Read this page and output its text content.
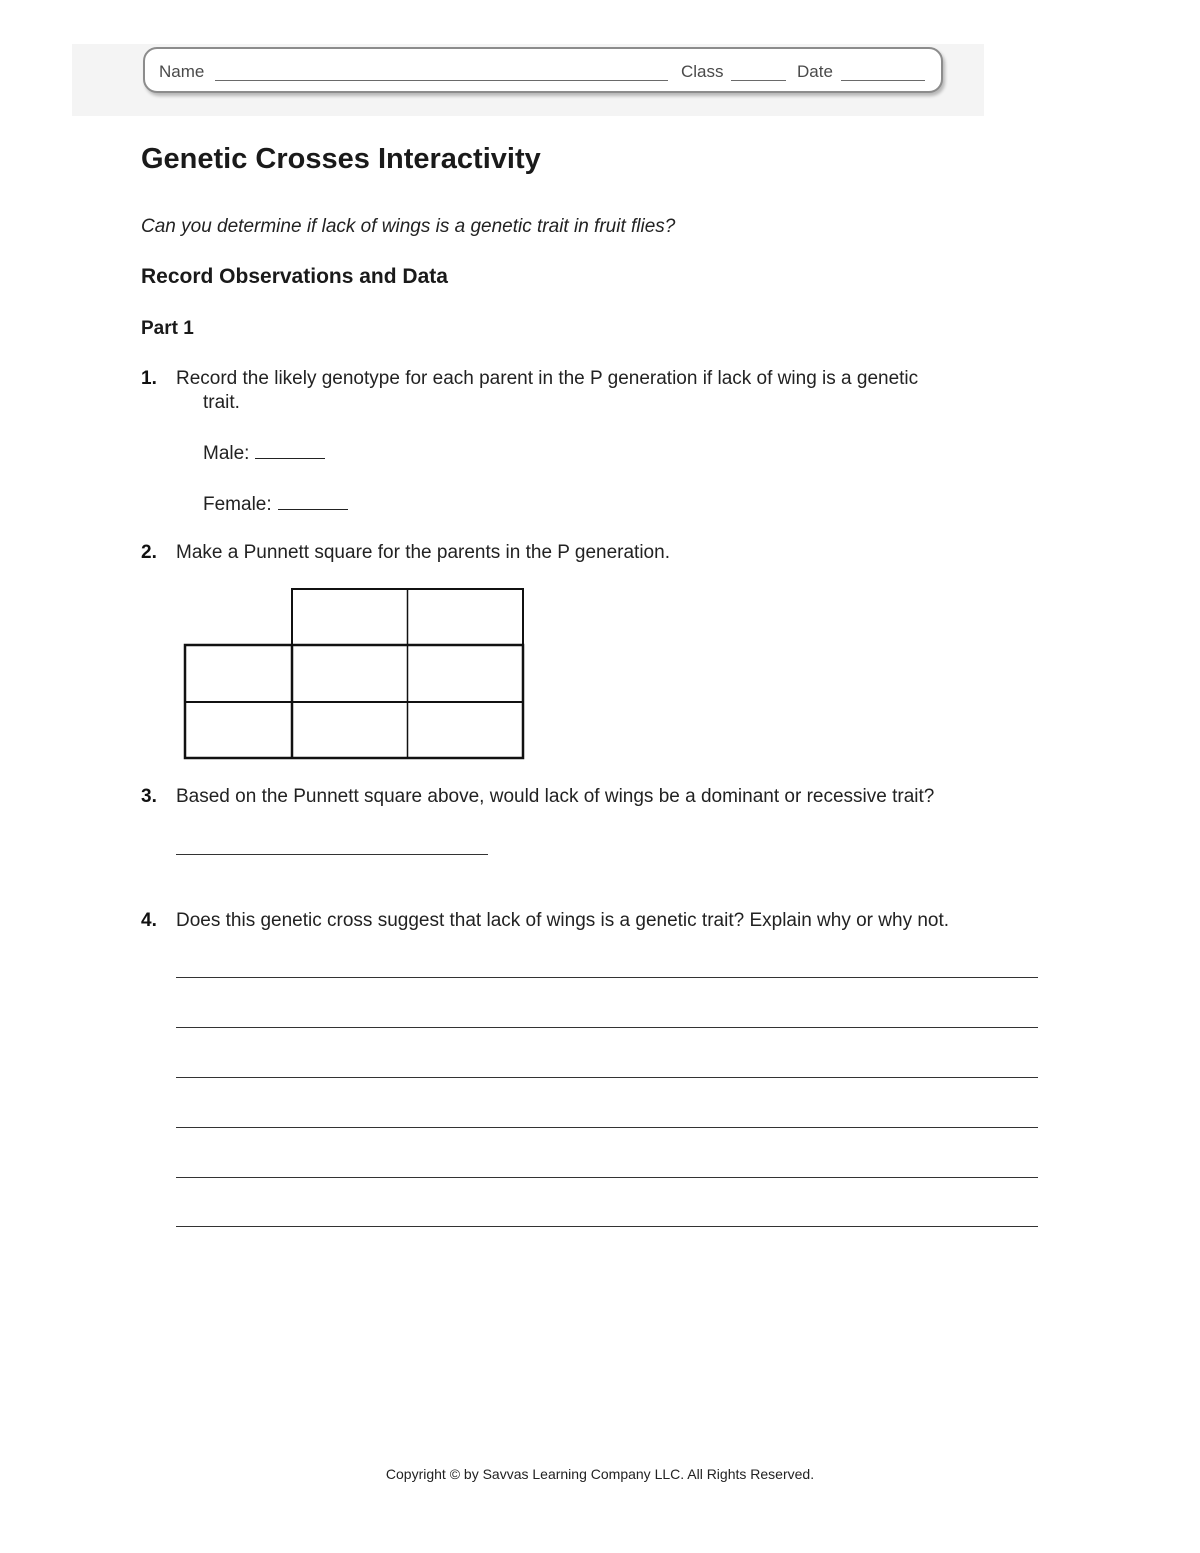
Name	Class	Date
Genetic Crosses Interactivity
Can you determine if lack of wings is a genetic trait in fruit flies?
Record Observations and Data
Part 1
1. Record the likely genotype for each parent in the P generation if lack of wing is a genetic
trait.
Male:
Female:
2. Make a Punnett square for the parents in the P generation.
3. Based on the Punnett square above, would lack of wings be a dominant or recessive trait?
4. Does this genetic cross suggest that lack of wings is a genetic trait? Explain why or why not.
Copyright © by Savvas Learning Company LLC. All Rights Reserved.
